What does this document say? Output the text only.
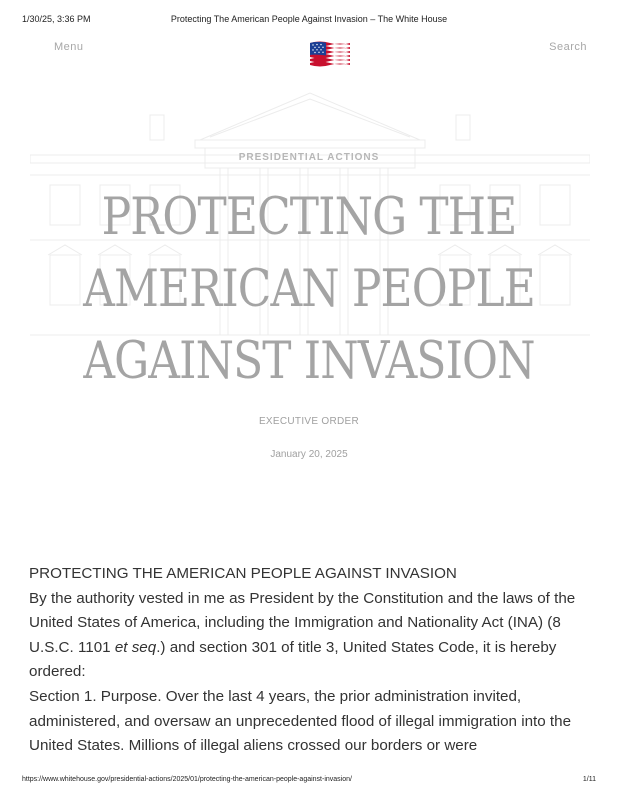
1/30/25, 3:36 PM	Protecting The American People Against Invasion – The White House
Menu	Search
PRESIDENTIAL ACTIONS
PROTECTING THE AMERICAN PEOPLE AGAINST INVASION
EXECUTIVE ORDER
January 20, 2025

PROTECTING THE AMERICAN PEOPLE AGAINST INVASION

By the authority vested in me as President by the Constitution and the laws of the United States of America, including the Immigration and Nationality Act (INA) (8 U.S.C. 1101 et seq.) and section 301 of title 3, United States Code, it is hereby ordered:

Section 1. Purpose. Over the last 4 years, the prior administration invited, administered, and oversaw an unprecedented flood of illegal immigration into the United States. Millions of illegal aliens crossed our borders or were

https://www.whitehouse.gov/presidential-actions/2025/01/protecting-the-american-people-against-invasion/	1/11
